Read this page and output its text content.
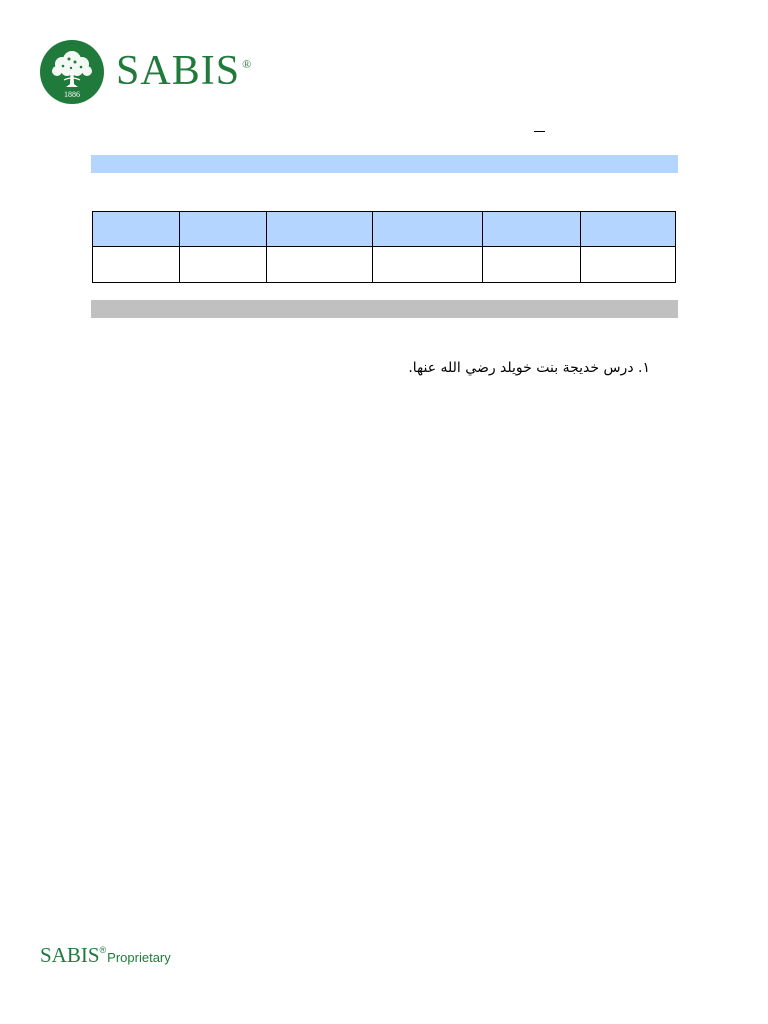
1886
SABIS ®

١. درس خديجة بنت خويلد رضي الله عنها.
SABIS®Proprietary
